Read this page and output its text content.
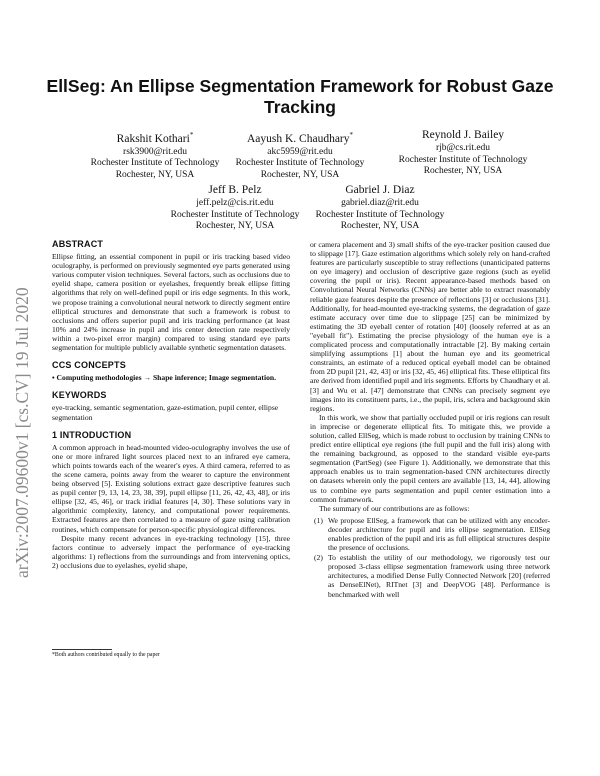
arXiv:2007.09600v1 [cs.CV] 19 Jul 2020
EllSeg: An Ellipse Segmentation Framework for Robust Gaze Tracking
Rakshit Kothari*
rsk3900@rit.edu
Rochester Institute of Technology
Rochester, NY, USA
Aayush K. Chaudhary*
akc5959@rit.edu
Rochester Institute of Technology
Rochester, NY, USA
Reynold J. Bailey
rjb@cs.rit.edu
Rochester Institute of Technology
Rochester, NY, USA
Jeff B. Pelz
jeff.pelz@cis.rit.edu
Rochester Institute of Technology
Rochester, NY, USA
Gabriel J. Diaz
gabriel.diaz@rit.edu
Rochester Institute of Technology
Rochester, NY, USA
ABSTRACT

Ellipse fitting, an essential component in pupil or iris tracking based video oculography, is performed on previously segmented eye parts generated using various computer vision techniques. Several factors, such as occlusions due to eyelid shape, camera position or eyelashes, frequently break ellipse fitting algorithms that rely on well-defined pupil or iris edge segments. In this work, we propose training a convolutional neural network to directly segment entire elliptical structures and demonstrate that such a framework is robust to occlusions and offers superior pupil and iris tracking performance (at least 10% and 24% increase in pupil and iris center detection rate respectively within a two-pixel error margin) compared to using standard eye parts segmentation for multiple publicly available synthetic segmentation datasets.

CCS CONCEPTS

• Computing methodologies → Shape inference; Image segmentation.

KEYWORDS

eye-tracking, semantic segmentation, gaze-estimation, pupil center, ellipse segmentation

1 INTRODUCTION

A common approach in head-mounted video-oculography involves the use of one or more infrared light sources placed next to an infrared eye camera, which points towards each of the wearer's eyes. A third camera, referred to as the scene camera, points away from the wearer to capture the environment being observed [5]. Existing solutions extract gaze descriptive features such as pupil center [9, 13, 14, 23, 38, 39], pupil ellipse [11, 26, 42, 43, 48], or iris ellipse [32, 45, 46], or track iridial features [4, 30]. These solutions vary in algorithmic complexity, latency, and computational power requirements. Extracted features are then correlated to a measure of gaze using calibration routines, which compensate for person-specific physiological differences.

Despite many recent advances in eye-tracking technology [15], three factors continue to adversely impact the performance of eye-tracking algorithms: 1) reflections from the surroundings and from intervening optics, 2) occlusions due to eyelashes, eyelid shape,

*Both authors contributed equally to the paper

or camera placement and 3) small shifts of the eye-tracker position caused due to slippage [17]. Gaze estimation algorithms which solely rely on hand-crafted features are particularly susceptible to stray reflections (unanticipated patterns on eye imagery) and occlusion of descriptive gaze regions (such as eyelid covering the pupil or iris). Recent appearance-based methods based on Convolutional Neural Networks (CNNs) are better able to extract reasonably reliable gaze features despite the presence of reflections [3] or occlusions [31]. Additionally, for head-mounted eye-tracking systems, the degradation of gaze estimate accuracy over time due to slippage [25] can be minimized by estimating the 3D eyeball center of rotation [40] (loosely referred at as an "eyeball fit"). Estimating the precise physiology of the human eye is a complicated process and computationally intractable [2]. By making certain simplifying assumptions [1] about the human eye and its geometrical constraints, an estimate of a reduced optical eyeball model can be obtained from 2D pupil [21, 42, 43] or iris [32, 45, 46] elliptical fits. These elliptical fits are derived from identified pupil and iris segments. Efforts by Chaudhary et al. [3] and Wu et al. [47] demonstrate that CNNs can precisely segment eye images into its constituent parts, i.e., the pupil, iris, sclera and background skin regions.

In this work, we show that partially occluded pupil or iris regions can result in imprecise or degenerate elliptical fits. To mitigate this, we provide a solution, called EllSeg, which is made robust to occlusion by training CNNs to predict entire elliptical eye regions (the full pupil and the full iris) along with the remaining background, as opposed to the standard visible eye-parts segmentation (PartSeg) (see Figure 1). Additionally, we demonstrate that this approach enables us to train segmentation-based CNN architectures directly on datasets wherein only the pupil centers are available [13, 14, 44], allowing us to combine eye parts segmentation and pupil center estimation into a common framework.

The summary of our contributions are as follows:

(1) We propose EllSeg, a framework that can be utilized with any encoder-decoder architecture for pupil and iris ellipse segmentation. EllSeg enables prediction of the pupil and iris as full elliptical structures despite the presence of occlusions.
(2) To establish the utility of our methodology, we rigorously test our proposed 3-class ellipse segmentation framework using three network architectures, a modified Dense Fully Connected Network [20] (referred as DenseElNet), RITnet [3] and DeepVOG [48]. Performance is benchmarked with well
